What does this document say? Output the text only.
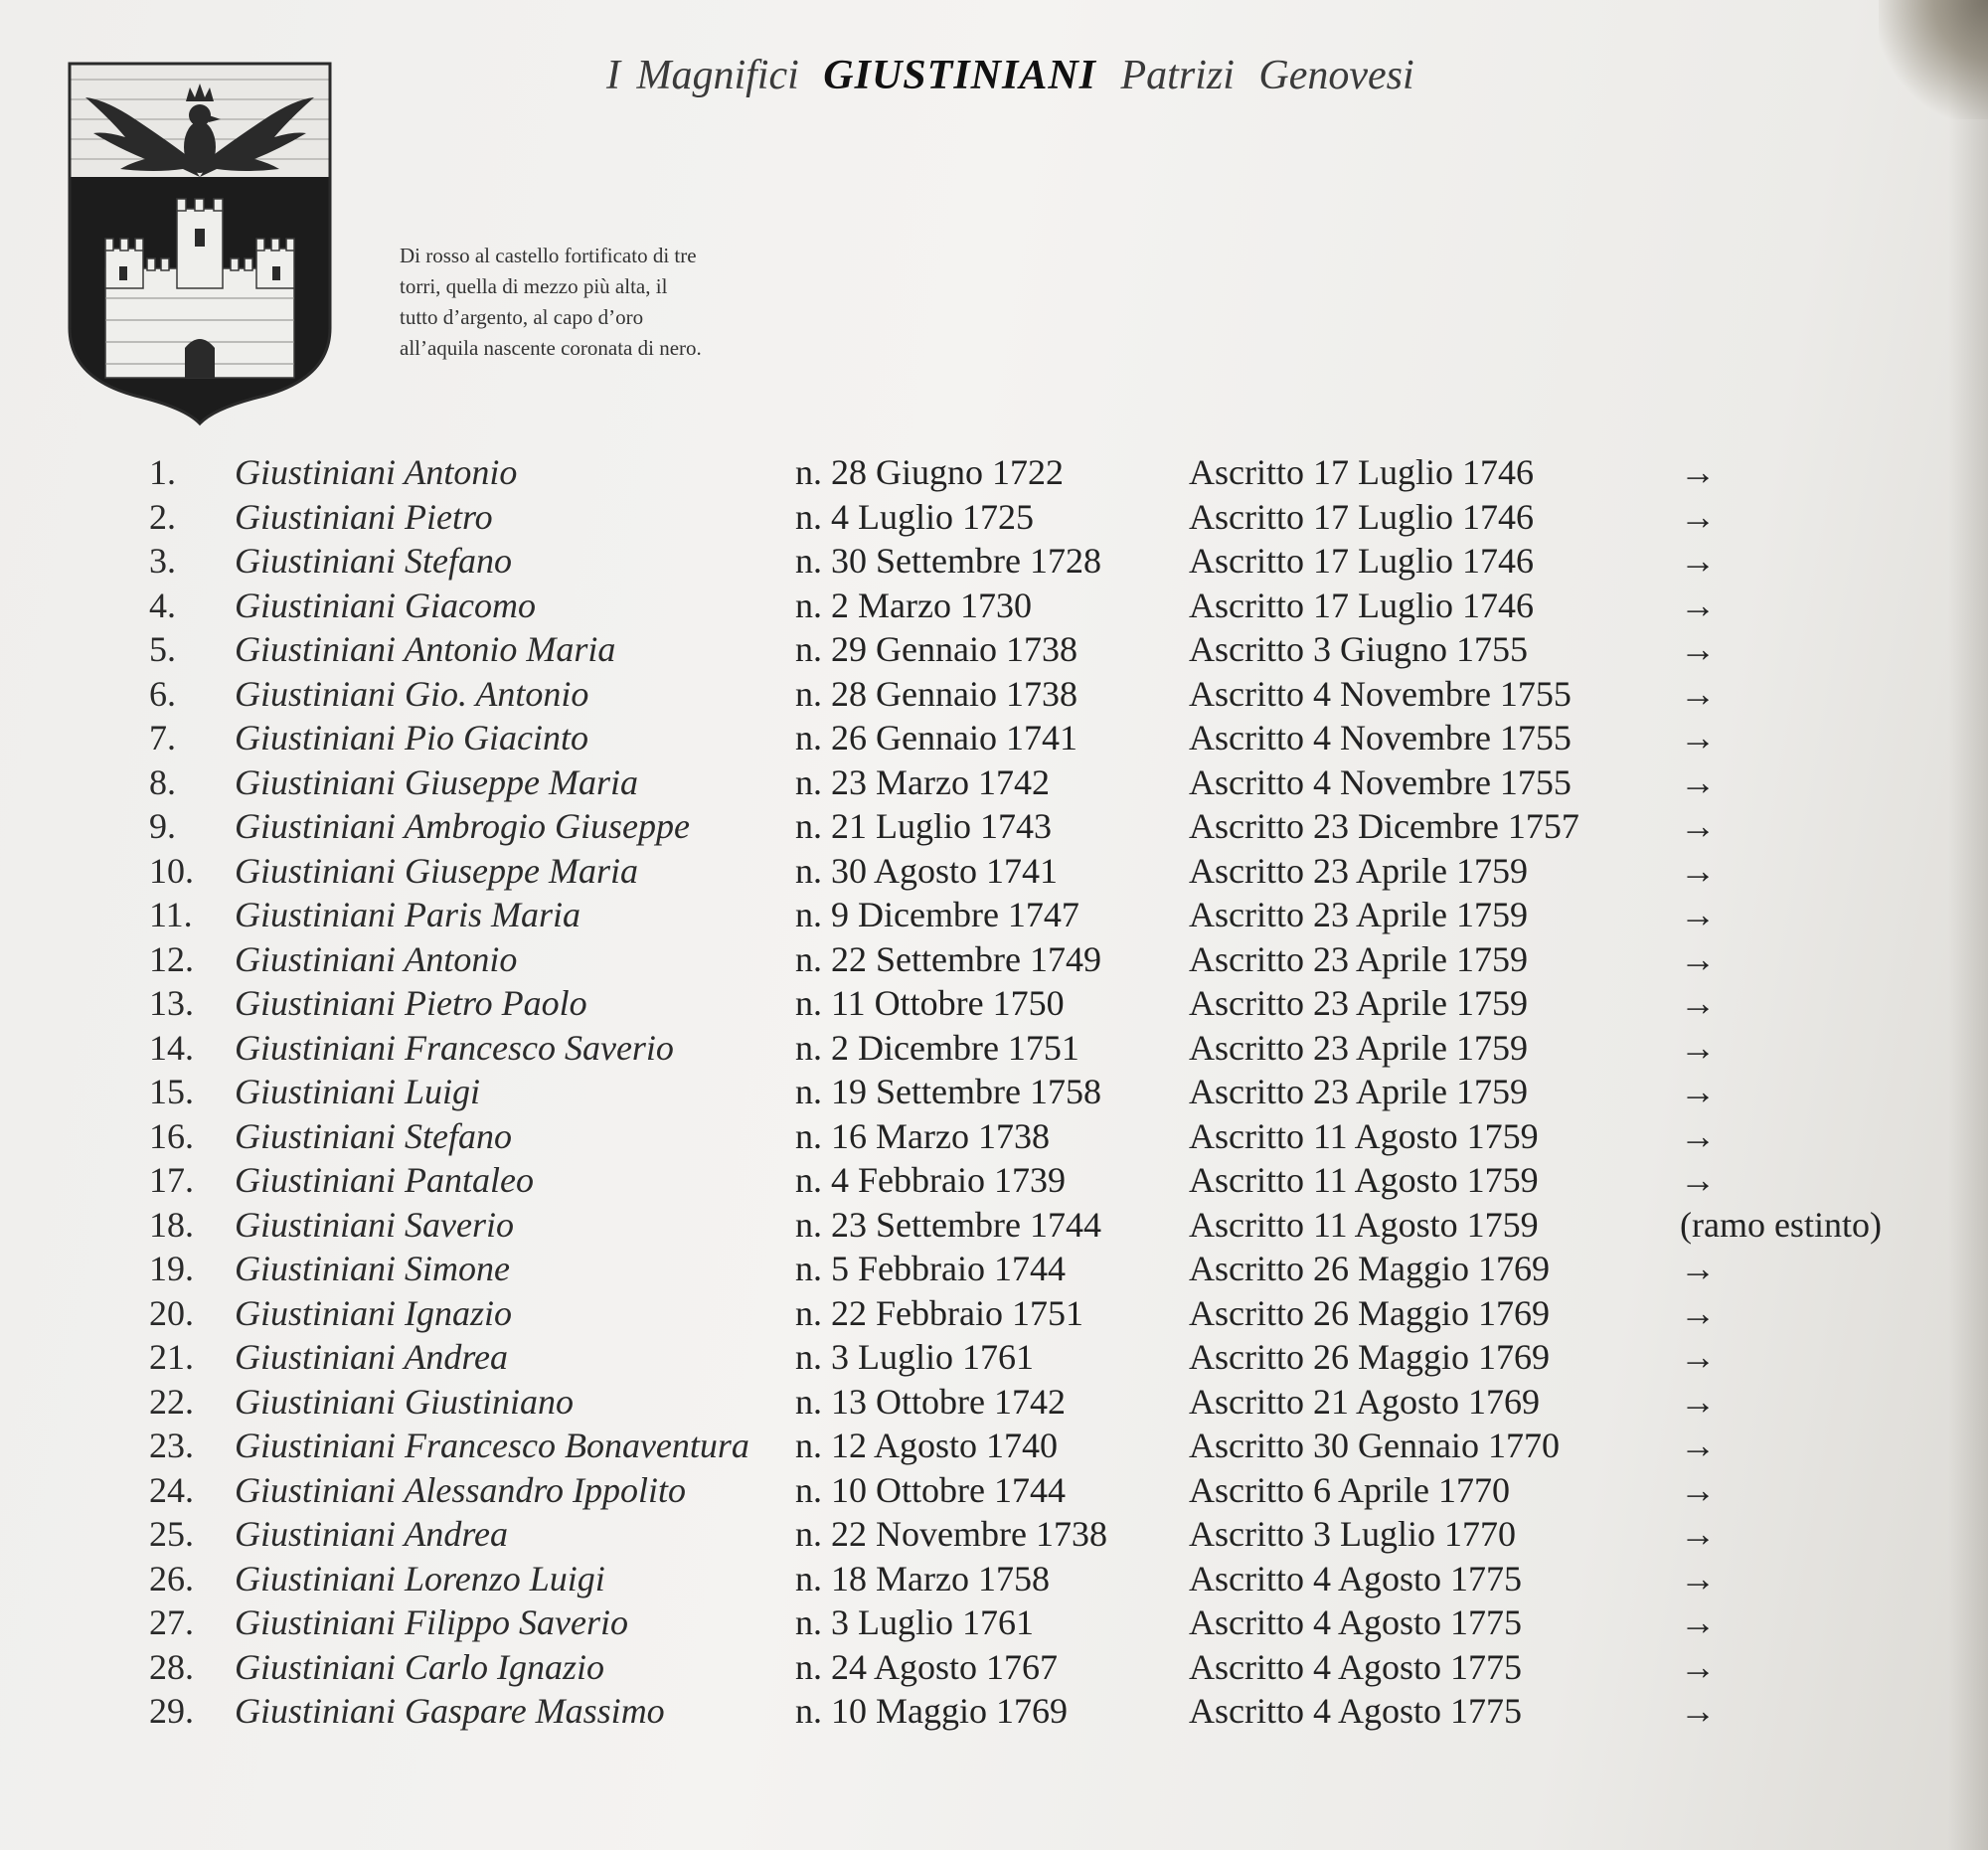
I Magnifici GIUSTINIANI Patrizi Genovesi
Di rosso al castello fortificato di tre
torri, quella di mezzo più alta, il
tutto d’argento, al capo d’oro
all’aquila nascente coronata di nero.
1. Giustiniani Antonio	n. 28 Giugno 1722	Ascritto 17 Luglio 1746	→
2. Giustiniani Pietro	n. 4 Luglio 1725	Ascritto 17 Luglio 1746	→
3. Giustiniani Stefano	n. 30 Settembre 1728 Ascritto 17 Luglio 1746	→
4. Giustiniani Giacomo	n. 2 Marzo 1730	Ascritto 17 Luglio 1746	→
5. Giustiniani Antonio Maria	n. 29 Gennaio 1738	Ascritto 3 Giugno 1755	→
6. Giustiniani Gio. Antonio	n. 28 Gennaio 1738	Ascritto 4 Novembre 1755	→
7. Giustiniani Pio Giacinto	n. 26 Gennaio 1741	Ascritto 4 Novembre 1755	→
8. Giustiniani Giuseppe Maria	n. 23 Marzo 1742	Ascritto 4 Novembre 1755	→
9. Giustiniani Ambrogio Giuseppe	n. 21 Luglio 1743	Ascritto 23 Dicembre 1757	→
10. Giustiniani Giuseppe Maria	n. 30 Agosto 1741	Ascritto 23 Aprile 1759	→
11. Giustiniani Paris Maria	n. 9 Dicembre 1747	Ascritto 23 Aprile 1759	→
12. Giustiniani Antonio	n. 22 Settembre 1749 Ascritto 23 Aprile 1759	→
13. Giustiniani Pietro Paolo	n. 11 Ottobre 1750	Ascritto 23 Aprile 1759	→
14. Giustiniani Francesco Saverio	n. 2 Dicembre 1751	Ascritto 23 Aprile 1759	→
15. Giustiniani Luigi	n. 19 Settembre 1758 Ascritto 23 Aprile 1759	→
16. Giustiniani Stefano	n. 16 Marzo 1738	Ascritto 11 Agosto 1759	→
17. Giustiniani Pantaleo	n. 4 Febbraio 1739	Ascritto 11 Agosto 1759	→
18. Giustiniani Saverio	n. 23 Settembre 1744 Ascritto 11 Agosto 1759	(ramo estinto)
19. Giustiniani Simone	n. 5 Febbraio 1744	Ascritto 26 Maggio 1769	→
20. Giustiniani Ignazio	n. 22 Febbraio 1751	Ascritto 26 Maggio 1769	→
21. Giustiniani Andrea	n. 3 Luglio 1761	Ascritto 26 Maggio 1769	→
22. Giustiniani Giustiniano	n. 13 Ottobre 1742	Ascritto 21 Agosto 1769	→
23. Giustiniani Francesco Bonaventura n. 12 Agosto 1740	Ascritto 30 Gennaio 1770	→
24. Giustiniani Alessandro Ippolito	n. 10 Ottobre 1744	Ascritto 6 Aprile 1770	→
25. Giustiniani Andrea	n. 22 Novembre 1738 Ascritto 3 Luglio 1770	→
26. Giustiniani Lorenzo Luigi	n. 18 Marzo 1758	Ascritto 4 Agosto 1775	→
27. Giustiniani Filippo Saverio	n. 3 Luglio 1761	Ascritto 4 Agosto 1775	→
28. Giustiniani Carlo Ignazio	n. 24 Agosto 1767	Ascritto 4 Agosto 1775	→
29. Giustiniani Gaspare Massimo	n. 10 Maggio 1769	Ascritto 4 Agosto 1775	→
